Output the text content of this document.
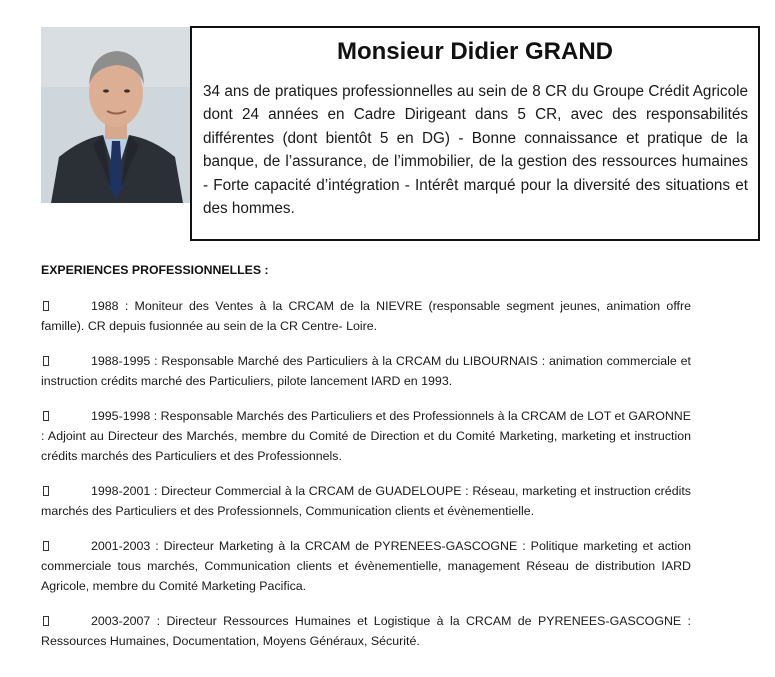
Monsieur Didier GRAND

34 ans de pratiques professionnelles au sein de 8 CR du Groupe Crédit Agricole dont 24 années en Cadre Dirigeant dans 5 CR, avec des responsabilités différentes (dont bientôt 5 en DG) - Bonne connaissance et pratique de la banque, de l’assurance, de l’immobilier, de la gestion des ressources humaines - Forte capacité d’intégration - Intérêt marqué pour la diversité des situations et des hommes.

EXPERIENCES PROFESSIONNELLES :

1988 : Moniteur des Ventes à la CRCAM de la NIEVRE (responsable segment jeunes, animation offre famille). CR depuis fusionnée au sein de la CR Centre- Loire.

1988-1995 : Responsable Marché des Particuliers à la CRCAM du LIBOURNAIS : animation commerciale et instruction crédits marché des Particuliers, pilote lancement IARD en 1993.

1995-1998 : Responsable Marchés des Particuliers et des Professionnels à la CRCAM de LOT et GARONNE : Adjoint au Directeur des Marchés, membre du Comité de Direction et du Comité Marketing, marketing et instruction crédits marchés des Particuliers et des Professionnels.

1998-2001 : Directeur Commercial à la CRCAM de GUADELOUPE : Réseau, marketing et instruction crédits marchés des Particuliers et des Professionnels, Communication clients et évènementielle.

2001-2003 : Directeur Marketing à la CRCAM de PYRENEES-GASCOGNE : Politique marketing et action commerciale tous marchés, Communication clients et évènementielle, management Réseau de distribution IARD Agricole, membre du Comité Marketing Pacifica.

2003-2007 : Directeur Ressources Humaines et Logistique à la CRCAM de PYRENEES-GASCOGNE : Ressources Humaines, Documentation, Moyens Généraux, Sécurité.
